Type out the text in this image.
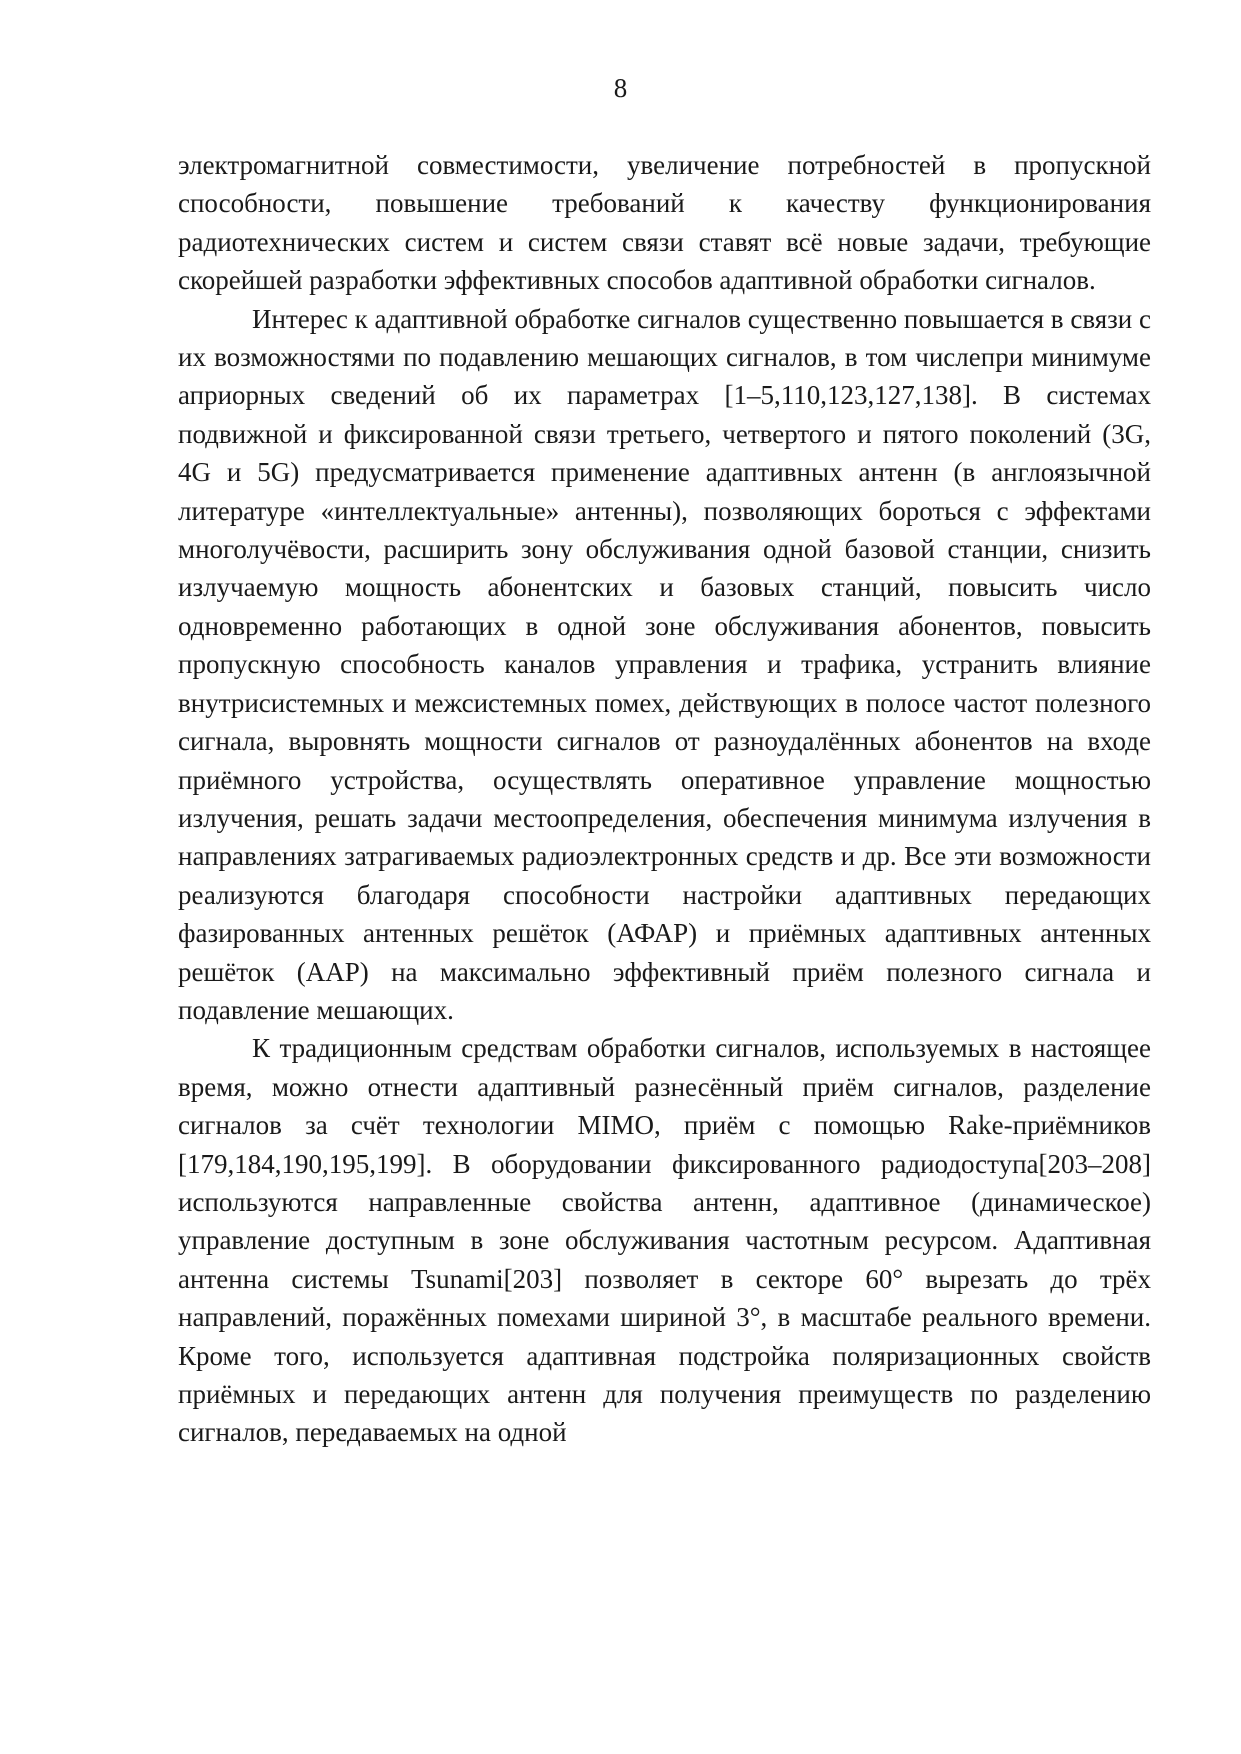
8

электромагнитной совместимости, увеличение потребностей в пропускной способности, повышение требований к качеству функционирования радиотехнических систем и систем связи ставят всё новые задачи, требующие скорейшей разработки эффективных способов адаптивной обработки сигналов.

Интерес к адаптивной обработке сигналов существенно повышается в связи с их возможностями по подавлению мешающих сигналов, в том числепри минимуме априорных сведений об их параметрах [1–5,110,123,127,138]. В системах подвижной и фиксированной связи третьего, четвертого и пятого поколений (3G, 4G и 5G) предусматривается применение адаптивных антенн (в англоязычной литературе «интеллектуальные» антенны), позволяющих бороться с эффектами многолучёвости, расширить зону обслуживания одной базовой станции, снизить излучаемую мощность абонентских и базовых станций, повысить число одновременно работающих в одной зоне обслуживания абонентов, повысить пропускную способность каналов управления и трафика, устранить влияние внутрисистемных и межсистемных помех, действующих в полосе частот полезного сигнала, выровнять мощности сигналов от разноудалённых абонентов на входе приёмного устройства, осуществлять оперативное управление мощностью излучения, решать задачи местоопределения, обеспечения минимума излучения в направлениях затрагиваемых радиоэлектронных средств и др. Все эти возможности реализуются благодаря способности настройки адаптивных передающих фазированных антенных решёток (АФАР) и приёмных адаптивных антенных решёток (ААР) на максимально эффективный приём полезного сигнала и подавление мешающих.

К традиционным средствам обработки сигналов, используемых в настоящее время, можно отнести адаптивный разнесённый приём сигналов, разделение сигналов за счёт технологии MIMO, приём с помощью Rake-приёмников [179,184,190,195,199]. В оборудовании фиксированного радиодоступа[203–208] используются направленные свойства антенн, адаптивное (динамическое) управление доступным в зоне обслуживания частотным ресурсом. Адаптивная антенна системы Tsunami[203] позволяет в секторе 60° вырезать до трёх направлений, поражённых помехами шириной 3°, в масштабе реального времени. Кроме того, используется адаптивная подстройка поляризационных свойств приёмных и передающих антенн для получения преимуществ по разделению сигналов, передаваемых на одной
